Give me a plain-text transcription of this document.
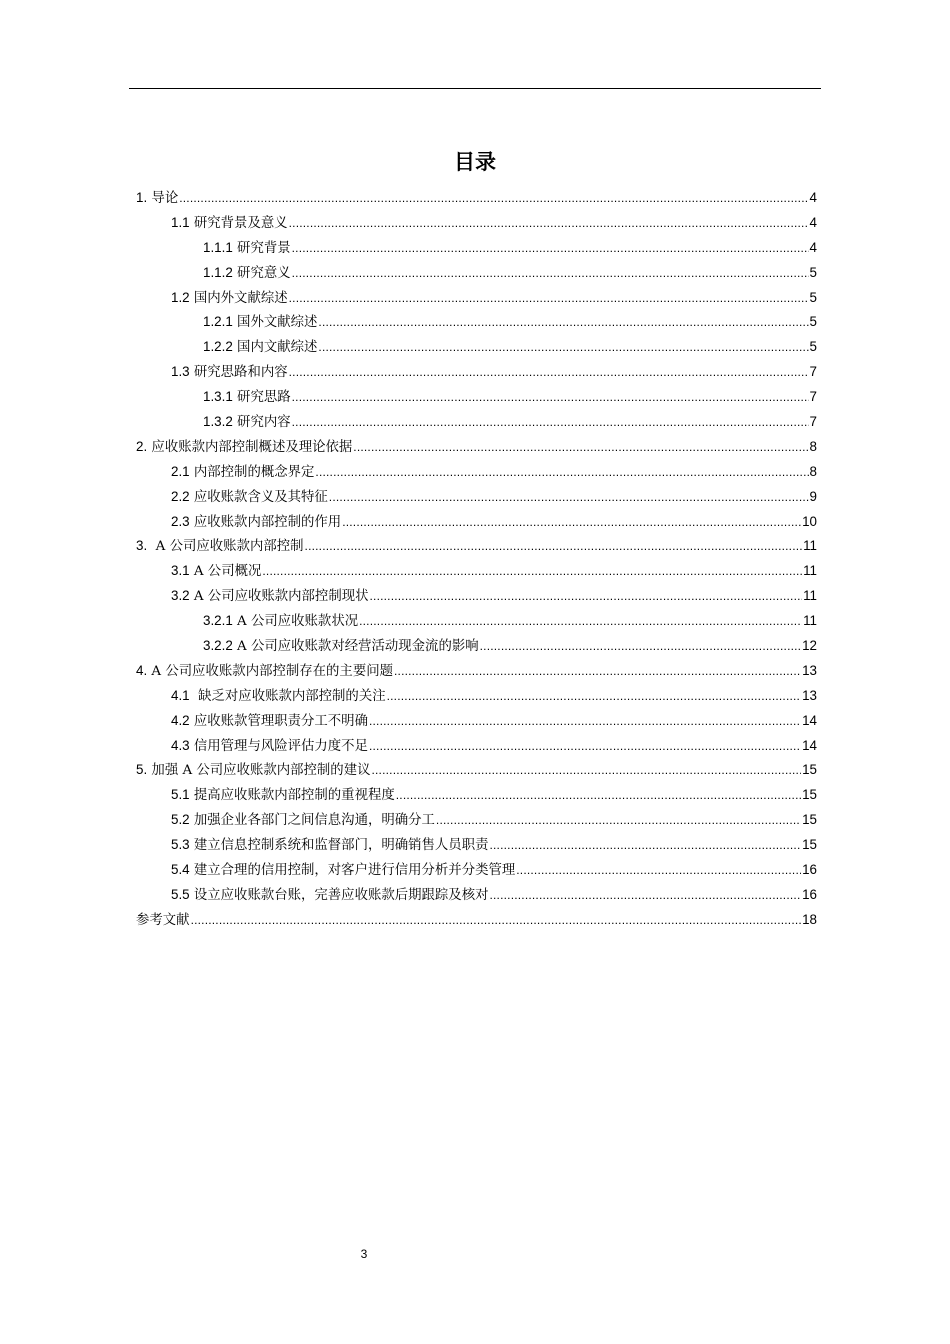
目录
1. 导论 .....	4
1.1 研究背景及意义 .....	4
1.1.1 研究背景 .....	4
1.1.2 研究意义 .....	5
1.2 国内外文献综述 .....	5
1.2.1 国外文献综述 .....	5
1.2.2 国内文献综述 .....	5
1.3 研究思路和内容 .....	7
1.3.1 研究思路 .....	7
1.3.2 研究内容 .....	7
2. 应收账款内部控制概述及理论依据 .....	8
2.1 内部控制的概念界定 .....	8
2.2 应收账款含义及其特征 .....	9
2.3 应收账款内部控制的作用 .....	10
3.  A 公司应收账款内部控制 .....	11
3.1 A 公司概况 .....	11
3.2 A 公司应收账款内部控制现状 .....	11
3.2.1 A 公司应收账款状况 .....	11
3.2.2 A 公司应收账款对经营活动现金流的影响 .....	12
4. A 公司应收账款内部控制存在的主要问题 .....	13
4.1  缺乏对应收账款内部控制的关注 .....	13
4.2 应收账款管理职责分工不明确 .....	14
4.3 信用管理与风险评估力度不足 .....	14
5. 加强 A 公司应收账款内部控制的建议 .....	15
5.1 提高应收账款内部控制的重视程度 .....	15
5.2 加强企业各部门之间信息沟通，明确分工 .....	15
5.3 建立信息控制系统和监督部门，明确销售人员职责 .....	15
5.4 建立合理的信用控制，对客户进行信用分析并分类管理 .....	16
5.5 设立应收账款台账，完善应收账款后期跟踪及核对 .....	16
参考文献 .....	18
3
